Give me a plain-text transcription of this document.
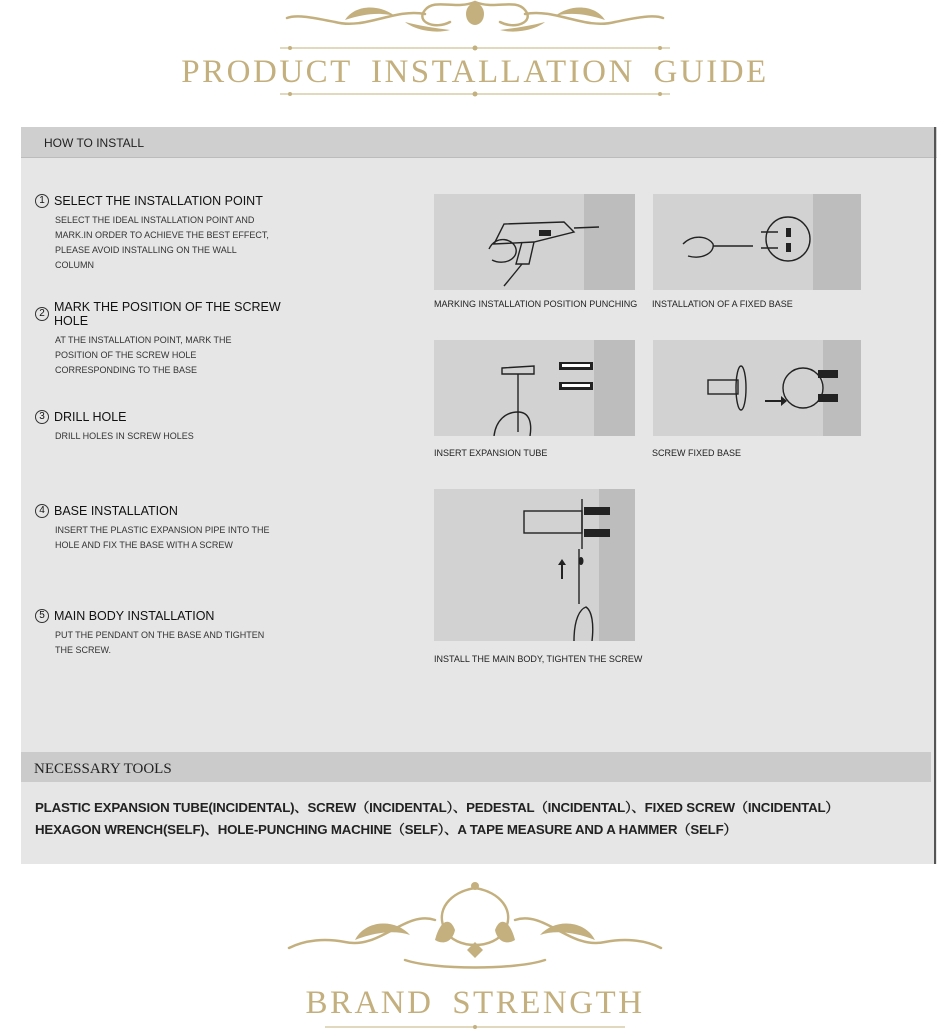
PRODUCT INSTALLATION GUIDE
HOW TO INSTALL
1 SELECT THE INSTALLATION POINT
SELECT THE IDEAL INSTALLATION POINT AND MARK.IN ORDER TO ACHIEVE THE BEST EFFECT, PLEASE AVOID INSTALLING ON THE WALL COLUMN
2 MARK THE POSITION OF THE SCREW HOLE
AT THE INSTALLATION POINT, MARK THE POSITION OF THE SCREW HOLE CORRESPONDING TO THE BASE
3 DRILL HOLE
DRILL HOLES IN SCREW HOLES
4 BASE INSTALLATION
INSERT THE PLASTIC EXPANSION PIPE INTO THE HOLE AND FIX THE BASE WITH A SCREW
5 MAIN BODY INSTALLATION
PUT THE PENDANT ON THE BASE AND TIGHTEN THE SCREW.
MARKING INSTALLATION POSITION PUNCHING INSTALLATION OF A FIXED BASE
INSERT EXPANSION TUBE	SCREW FIXED BASE
INSTALL THE MAIN BODY, TIGHTEN THE SCREW
NECESSARY TOOLS
PLASTIC EXPANSION TUBE(INCIDENTAL)、SCREW（INCIDENTAL）、PEDESTAL（INCIDENTAL）、FIXED SCREW（INCIDENTAL）
HEXAGON WRENCH(SELF)、HOLE-PUNCHING MACHINE（SELF）、A TAPE MEASURE AND A HAMMER（SELF）
BRAND STRENGTH
